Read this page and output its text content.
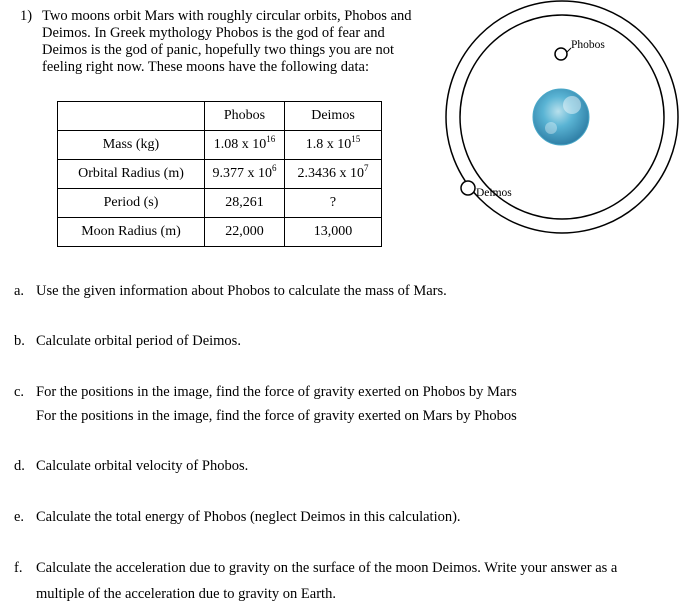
1) Two moons orbit Mars with roughly circular orbits, Phobos and Deimos. In Greek mythology Phobos is the god of fear and Deimos is the god of panic, hopefully two things you are not feeling right now. These moons have the following data:
	Phobos	Deimos
Mass (kg)	1.08 x $10^{16}$	1.8 x $10^{15}$
Orbital Radius (m)	9.377 x $10^6$	2.3436 x $10^7$
Period (s)	28,261	?
Moon Radius (m)	22,000	13,000
Phobos
Deimos
a. Use the given information about Phobos to calculate the mass of Mars.
b. Calculate orbital period of Deimos.
c. For the positions in the image, find the force of gravity exerted on Phobos by Mars
For the positions in the image, find the force of gravity exerted on Mars by Phobos
d. Calculate orbital velocity of Phobos.
e. Calculate the total energy of Phobos (neglect Deimos in this calculation).
f. Calculate the acceleration due to gravity on the surface of the moon Deimos. Write your answer as a
multiple of the acceleration due to gravity on Earth.
